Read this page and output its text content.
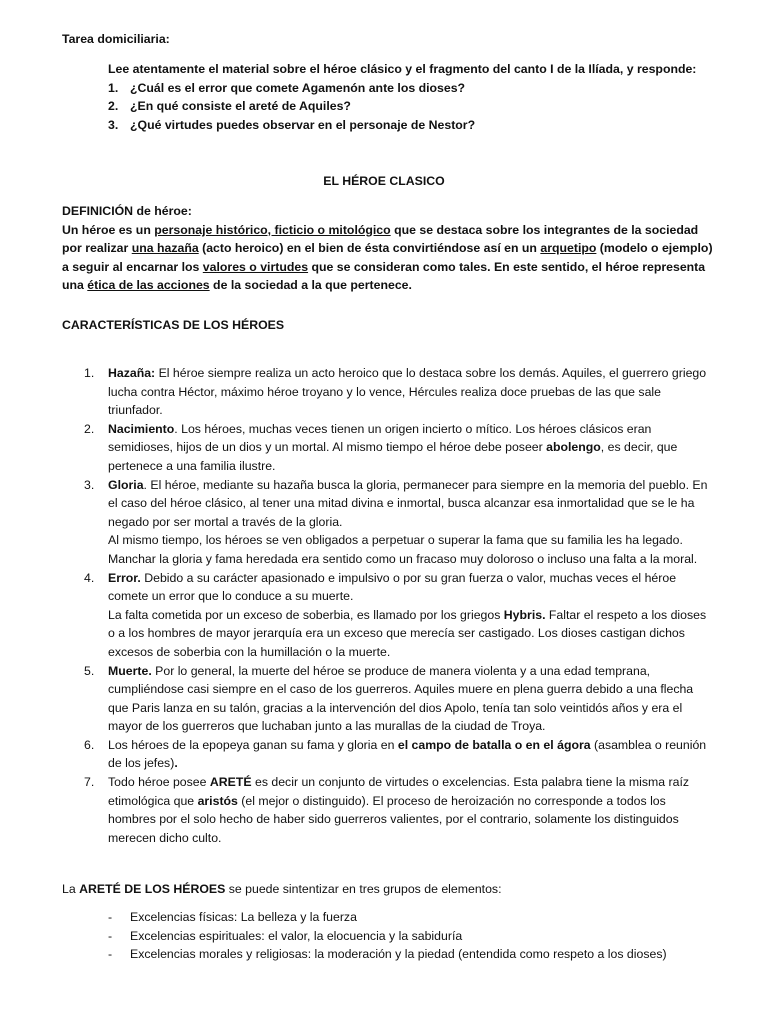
Tarea domiciliaria:

Lee atentamente el material sobre el héroe clásico y el fragmento del canto I de la Ilíada, y responde:

1. ¿Cuál es el error que comete Agamenón ante los dioses?
2. ¿En qué consiste el areté de Aquiles?
3. ¿Qué virtudes puedes observar en el personaje de Nestor?

EL HÉROE CLASICO

DEFINICIÓN de héroe:

Un héroe es un personaje histórico, ficticio o mitológico que se destaca sobre los integrantes de la sociedad por realizar una hazaña (acto heroico) en el bien de ésta convirtiéndose así en un arquetipo (modelo o ejemplo) a seguir al encarnar los valores o virtudes que se consideran como tales. En este sentido, el héroe representa una ética de las acciones de la sociedad a la que pertenece.

CARACTERÍSTICAS DE LOS HÉROES

1. Hazaña: El héroe siempre realiza un acto heroico que lo destaca sobre los demás. Aquiles, el guerrero griego lucha contra Héctor, máximo héroe troyano y lo vence, Hércules realiza doce pruebas de las que sale triunfador.

2. Nacimiento. Los héroes, muchas veces tienen un origen incierto o mítico. Los héroes clásicos eran semidioses, hijos de un dios y un mortal. Al mismo tiempo el héroe debe poseer abolengo, es decir, que pertenece a una familia ilustre.

3. Gloria. El héroe, mediante su hazaña busca la gloria, permanecer para siempre en la memoria del pueblo. En el caso del héroe clásico, al tener una mitad divina e inmortal, busca alcanzar esa inmortalidad que se le ha negado por ser mortal a través de la gloria.

Al mismo tiempo, los héroes se ven obligados a perpetuar o superar la fama que su familia les ha legado. Manchar la gloria y fama heredada era sentido como un fracaso muy doloroso o incluso una falta a la moral.

4. Error. Debido a su carácter apasionado e impulsivo o por su gran fuerza o valor, muchas veces el héroe comete un error que lo conduce a su muerte.

La falta cometida por un exceso de soberbia, es llamado por los griegos Hybris. Faltar el respeto a los dioses o a los hombres de mayor jerarquía era un exceso que merecía ser castigado. Los dioses castigan dichos excesos de soberbia con la humillación o la muerte.

5. Muerte. Por lo general, la muerte del héroe se produce de manera violenta y a una edad temprana, cumpliéndose casi siempre en el caso de los guerreros. Aquiles muere en plena guerra debido a una flecha que Paris lanza en su talón, gracias a la intervención del dios Apolo, tenía tan solo veintidós años y era el mayor de los guerreros que luchaban junto a las murallas de la ciudad de Troya.

6. Los héroes de la epopeya ganan su fama y gloria en el campo de batalla o en el ágora (asamblea o reunión de los jefes).

7. Todo héroe posee ARETÉ es decir un conjunto de virtudes o excelencias. Esta palabra tiene la misma raíz etimológica que aristós (el mejor o distinguido). El proceso de heroización no corresponde a todos los hombres por el solo hecho de haber sido guerreros valientes, por el contrario, solamente los distinguidos merecen dicho culto.

La ARETÉ DE LOS HÉROES se puede sintentizar en tres grupos de elementos:

- Excelencias físicas: La belleza y la fuerza
- Excelencias espirituales: el valor, la elocuencia y la sabiduría
- Excelencias morales y religiosas: la moderación y la piedad (entendida como respeto a los dioses)
